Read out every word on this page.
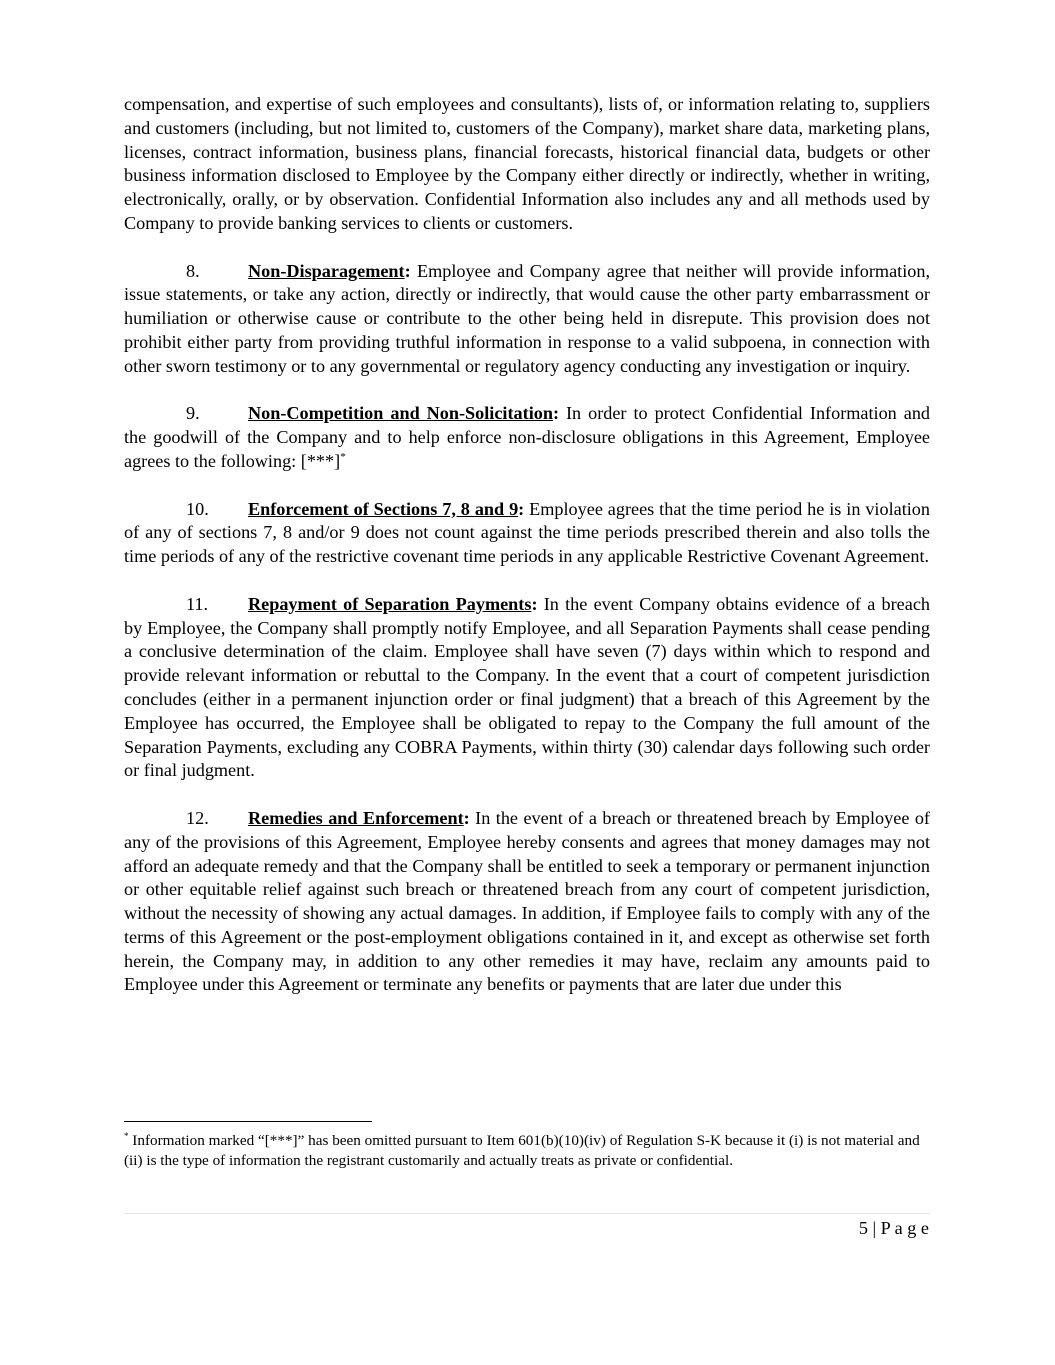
compensation, and expertise of such employees and consultants), lists of, or information relating to, suppliers and customers (including, but not limited to, customers of the Company), market share data, marketing plans, licenses, contract information, business plans, financial forecasts, historical financial data, budgets or other business information disclosed to Employee by the Company either directly or indirectly, whether in writing, electronically, orally, or by observation. Confidential Information also includes any and all methods used by Company to provide banking services to clients or customers.

8.	Non-Disparagement: Employee and Company agree that neither will provide information, issue statements, or take any action, directly or indirectly, that would cause the other party embarrassment or humiliation or otherwise cause or contribute to the other being held in disrepute. This provision does not prohibit either party from providing truthful information in response to a valid subpoena, in connection with other sworn testimony or to any governmental or regulatory agency conducting any investigation or inquiry.

9.	Non-Competition and Non-Solicitation: In order to protect Confidential Information and the goodwill of the Company and to help enforce non-disclosure obligations in this Agreement, Employee agrees to the following: [***]*

10. Enforcement of Sections 7, 8 and 9: Employee agrees that the time period he is in violation of any of sections 7, 8 and/or 9 does not count against the time periods prescribed therein and also tolls the time periods of any of the restrictive covenant time periods in any applicable Restrictive Covenant Agreement.

11. Repayment of Separation Payments: In the event Company obtains evidence of a breach by Employee, the Company shall promptly notify Employee, and all Separation Payments shall cease pending a conclusive determination of the claim. Employee shall have seven (7) days within which to respond and provide relevant information or rebuttal to the Company. In the event that a court of competent jurisdiction concludes (either in a permanent injunction order or final judgment) that a breach of this Agreement by the Employee has occurred, the Employee shall be obligated to repay to the Company the full amount of the Separation Payments, excluding any COBRA Payments, within thirty (30) calendar days following such order or final judgment.

12. Remedies and Enforcement: In the event of a breach or threatened breach by Employee of any of the provisions of this Agreement, Employee hereby consents and agrees that money damages may not afford an adequate remedy and that the Company shall be entitled to seek a temporary or permanent injunction or other equitable relief against such breach or threatened breach from any court of competent jurisdiction, without the necessity of showing any actual damages. In addition, if Employee fails to comply with any of the terms of this Agreement or the post-employment obligations contained in it, and except as otherwise set forth herein, the Company may, in addition to any other remedies it may have, reclaim any amounts paid to Employee under this Agreement or terminate any benefits or payments that are later due under this

* Information marked “[***]” has been omitted pursuant to Item 601(b)(10)(iv) of Regulation S-K because it (i) is not material and (ii) is the type of information the registrant customarily and actually treats as private or confidential.

5 | P a g e
